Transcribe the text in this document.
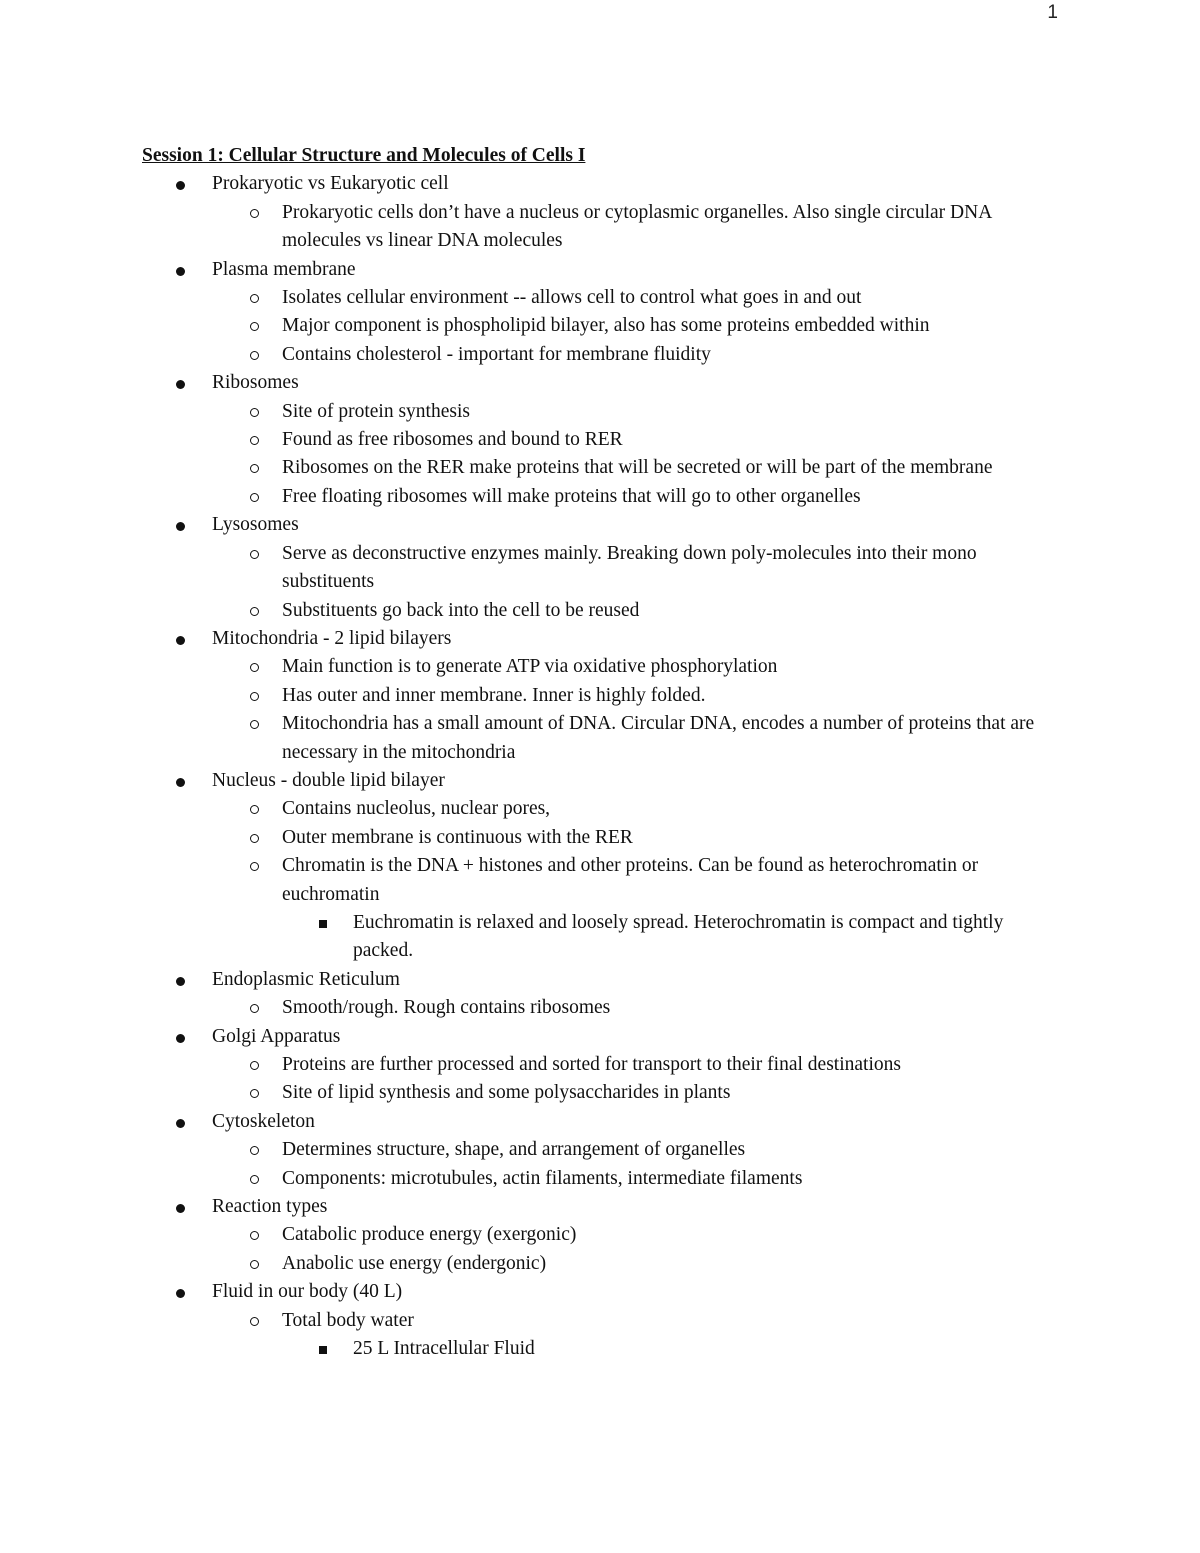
1
Session 1: Cellular Structure and Molecules of Cells I
Prokaryotic vs Eukaryotic cell
Prokaryotic cells don’t have a nucleus or cytoplasmic organelles. Also single circular DNA molecules vs linear DNA molecules
Plasma membrane
Isolates cellular environment -- allows cell to control what goes in and out
Major component is phospholipid bilayer, also has some proteins embedded within
Contains cholesterol - important for membrane fluidity
Ribosomes
Site of protein synthesis
Found as free ribosomes and bound to RER
Ribosomes on the RER make proteins that will be secreted or will be part of the membrane
Free floating ribosomes will make proteins that will go to other organelles
Lysosomes
Serve as deconstructive enzymes mainly. Breaking down poly-molecules into their mono substituents
Substituents go back into the cell to be reused
Mitochondria - 2 lipid bilayers
Main function is to generate ATP via oxidative phosphorylation
Has outer and inner membrane. Inner is highly folded.
Mitochondria has a small amount of DNA. Circular DNA, encodes a number of proteins that are necessary in the mitochondria
Nucleus - double lipid bilayer
Contains nucleolus, nuclear pores,
Outer membrane is continuous with the RER
Chromatin is the DNA + histones and other proteins. Can be found as heterochromatin or euchromatin
Euchromatin is relaxed and loosely spread. Heterochromatin is compact and tightly packed.
Endoplasmic Reticulum
Smooth/rough. Rough contains ribosomes
Golgi Apparatus
Proteins are further processed and sorted for transport to their final destinations
Site of lipid synthesis and some polysaccharides in plants
Cytoskeleton
Determines structure, shape, and arrangement of organelles
Components: microtubules, actin filaments, intermediate filaments
Reaction types
Catabolic produce energy (exergonic)
Anabolic use energy (endergonic)
Fluid in our body (40 L)
Total body water
25 L Intracellular Fluid
